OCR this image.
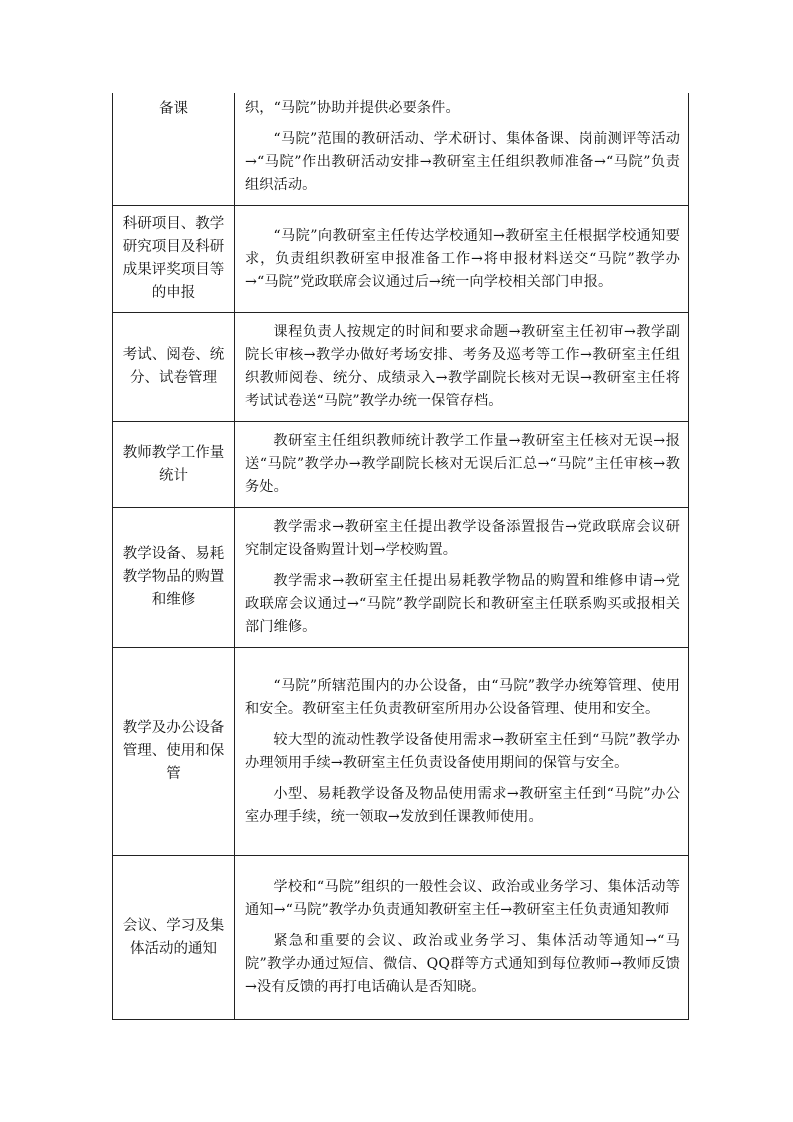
备课	织，“马院”协助并提供必要条件。

“马院”范围的教研活动、学术研讨、集体备课、岗前测评等活动→“马院”作出教研活动安排→教研室主任组织教师准备→“马院”负责组织活动。

科研项目、教学研究项目及科研成果评奖项目等的申报	“马院”向教研室主任传达学校通知→教研室主任根据学校通知要求，负责组织教研室申报准备工作→将申报材料送交“马院”教学办→“马院”党政联席会议通过后→统一向学校相关部门申报。

考试、阅卷、统分、试卷管理	课程负责人按规定的时间和要求命题→教研室主任初审→教学副院长审核→教学办做好考场安排、考务及巡考等工作→教研室主任组织教师阅卷、统分、成绩录入→教学副院长核对无误→教研室主任将考试试卷送“马院”教学办统一保管存档。

教师教学工作量统计	教研室主任组织教师统计教学工作量→教研室主任核对无误→报送“马院”教学办→教学副院长核对无误后汇总→“马院”主任审核→教务处。

教学设备、易耗教学物品的购置和维修	教学需求→教研室主任提出教学设备添置报告→党政联席会议研究制定设备购置计划→学校购置。

教学需求→教研室主任提出易耗教学物品的购置和维修申请→党政联席会议通过→“马院”教学副院长和教研室主任联系购买或报相关部门维修。

教学及办公设备管理、使用和保管	“马院”所辖范围内的办公设备，由“马院”教学办统筹管理、使用和安全。教研室主任负责教研室所用办公设备管理、使用和安全。

较大型的流动性教学设备使用需求→教研室主任到“马院”教学办办理领用手续→教研室主任负责设备使用期间的保管与安全。

小型、易耗教学设备及物品使用需求→教研室主任到“马院”办公室办理手续，统一领取→发放到任课教师使用。

会议、学习及集体活动的通知	学校和“马院”组织的一般性会议、政治或业务学习、集体活动等通知→“马院”教学办负责通知教研室主任→教研室主任负责通知教师

紧急和重要的会议、政治或业务学习、集体活动等通知→“马院”教学办通过短信、微信、QQ群等方式通知到每位教师→教师反馈→没有反馈的再打电话确认是否知晓。
